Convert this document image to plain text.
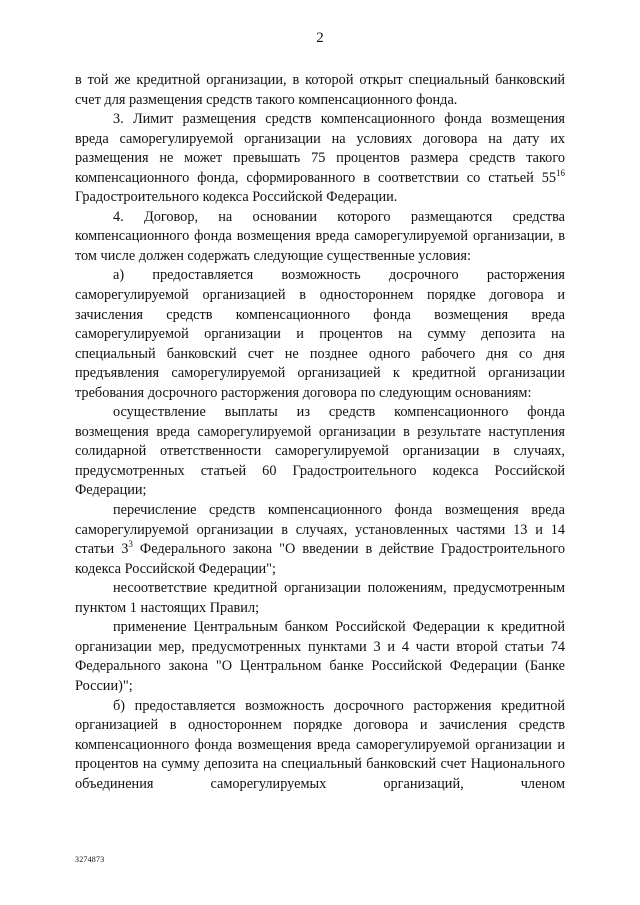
2

в той же кредитной организации, в которой открыт специальный банковский счет для размещения средств такого компенсационного фонда.

3. Лимит размещения средств компенсационного фонда возмещения вреда саморегулируемой организации на условиях договора на дату их размещения не может превышать 75 процентов размера средств такого компенсационного фонда, сформированного в соответствии со статьей $55^{16}$ Градостроительного кодекса Российской Федерации.

4. Договор, на основании которого размещаются средства компенсационного фонда возмещения вреда саморегулируемой организации, в том числе должен содержать следующие существенные условия:

а) предоставляется возможность досрочного расторжения саморегулируемой организацией в одностороннем порядке договора и зачисления средств компенсационного фонда возмещения вреда саморегулируемой организации и процентов на сумму депозита на специальный банковский счет не позднее одного рабочего дня со дня предъявления саморегулируемой организацией к кредитной организации требования досрочного расторжения договора по следующим основаниям:

осуществление выплаты из средств компенсационного фонда возмещения вреда саморегулируемой организации в результате наступления солидарной ответственности саморегулируемой организации в случаях, предусмотренных статьей 60 Градостроительного кодекса Российской Федерации;

перечисление средств компенсационного фонда возмещения вреда саморегулируемой организации в случаях, установленных частями 13 и 14 статьи $3^3$ Федерального закона "О введении в действие Градостроительного кодекса Российской Федерации";

несоответствие кредитной организации положениям, предусмотренным пунктом 1 настоящих Правил;

применение Центральным банком Российской Федерации к кредитной организации мер, предусмотренных пунктами 3 и 4 части второй статьи 74 Федерального закона "О Центральном банке Российской Федерации (Банке России)";

б) предоставляется возможность досрочного расторжения кредитной организацией в одностороннем порядке договора и зачисления средств компенсационного фонда возмещения вреда саморегулируемой организации и процентов на сумму депозита на специальный банковский счет Национального объединения саморегулируемых организаций, членом

3274873
